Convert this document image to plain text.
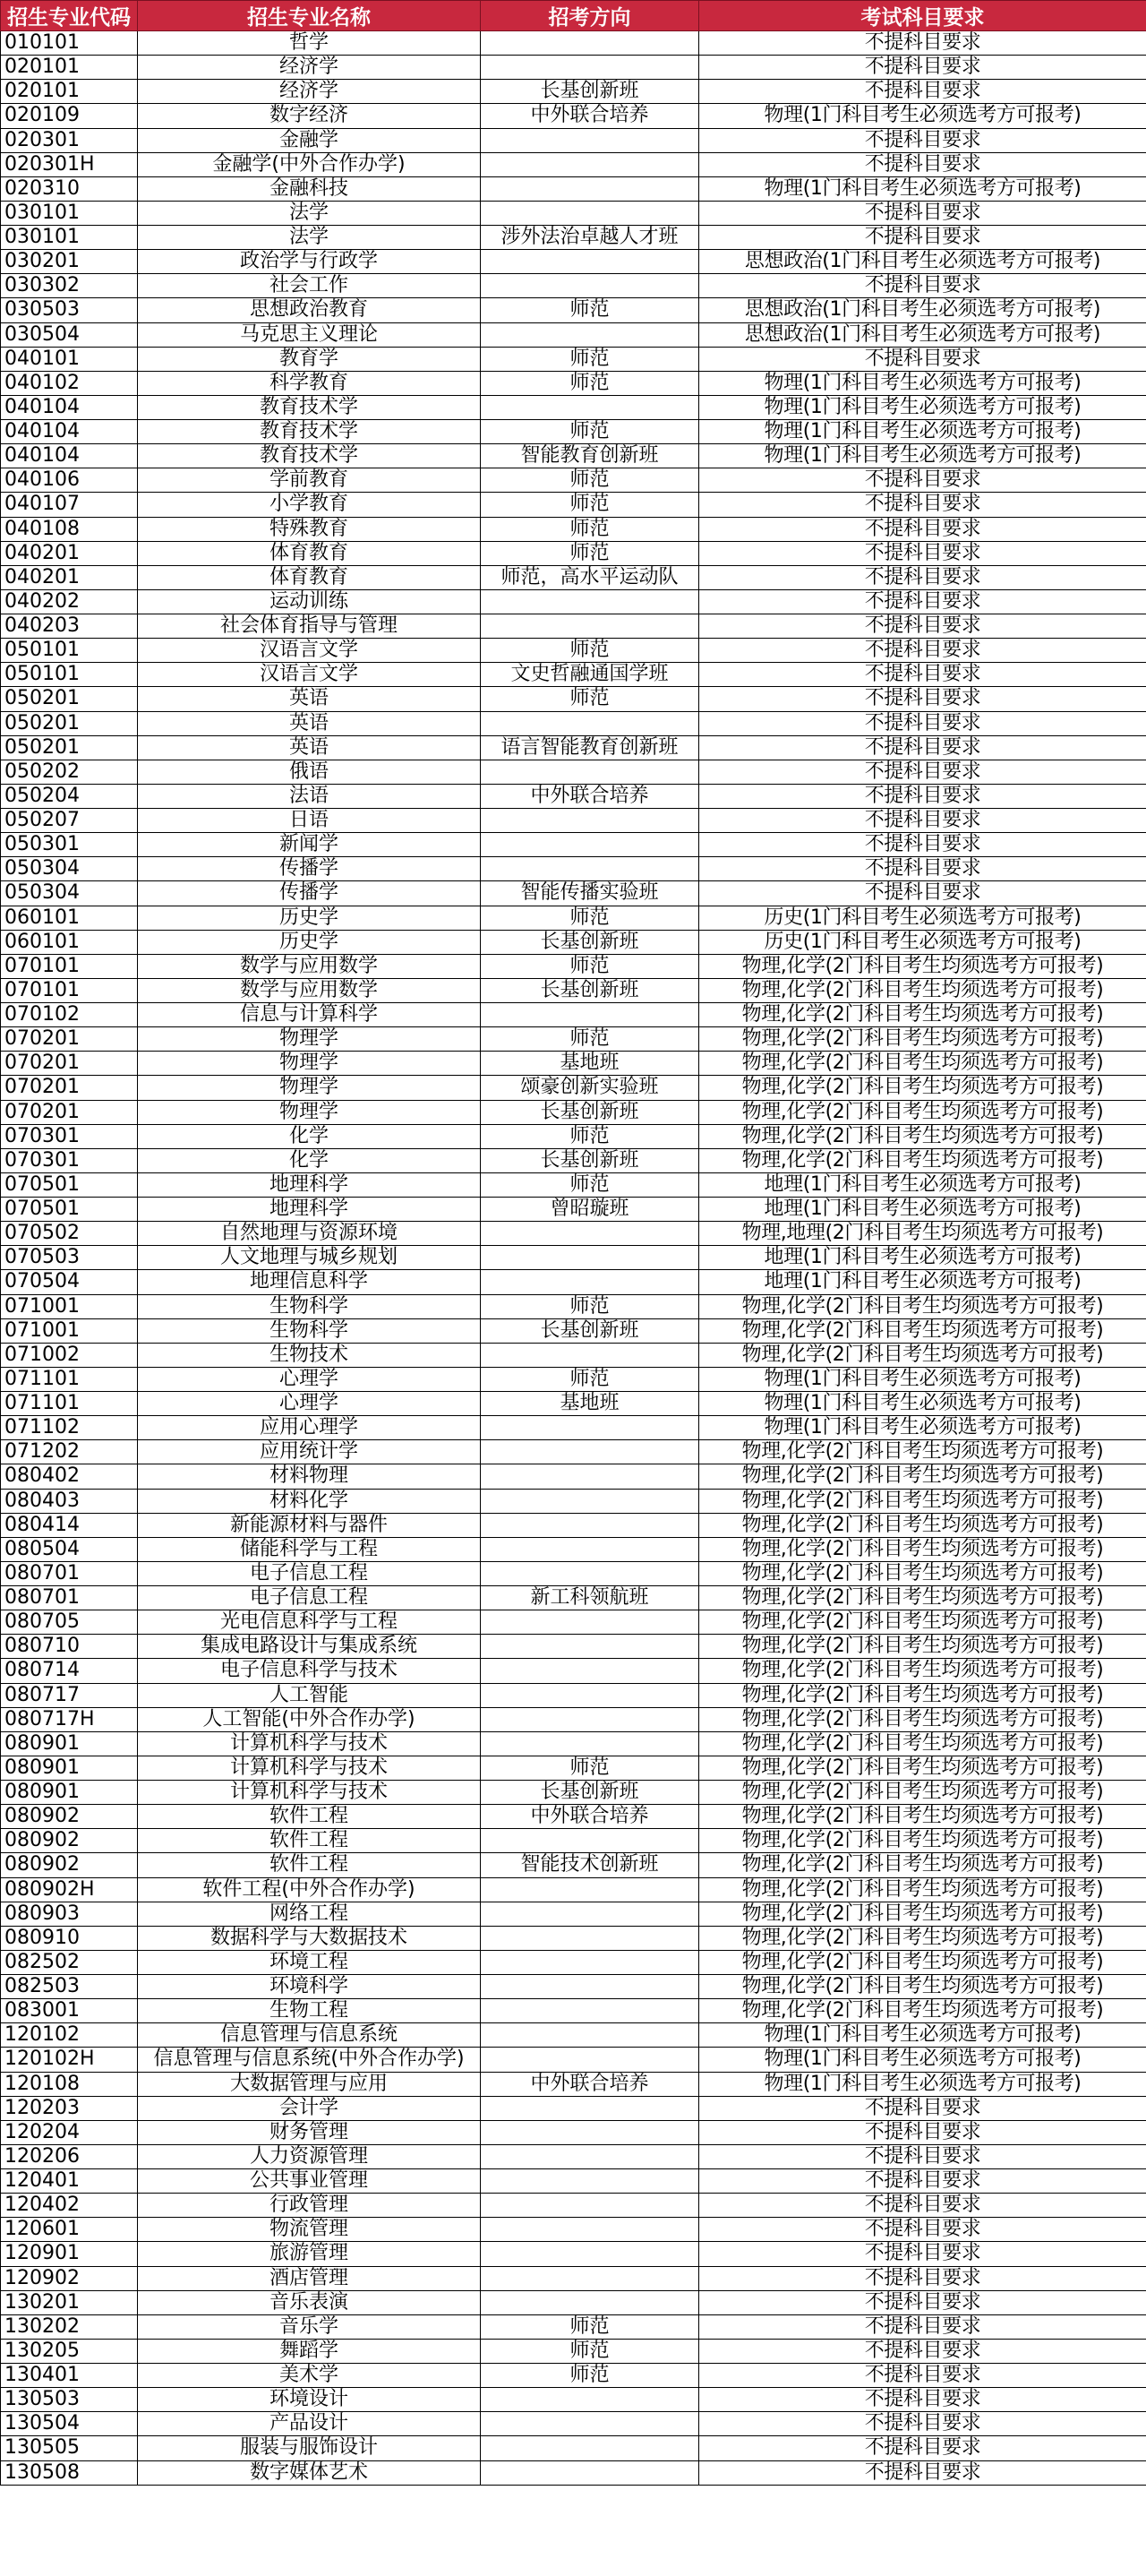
招生专业代码	招生专业名称	招考方向	考试科目要求
010101	哲学		不提科目要求
020101	经济学		不提科目要求
020101	经济学	长基创新班	不提科目要求
020109	数字经济	中外联合培养	物理(1门科目考生必须选考方可报考)
020301	金融学		不提科目要求
020301H	金融学(中外合作办学)		不提科目要求
020310	金融科技		物理(1门科目考生必须选考方可报考)
030101	法学		不提科目要求
030101	法学	涉外法治卓越人才班	不提科目要求
030201	政治学与行政学		思想政治(1门科目考生必须选考方可报考)
030302	社会工作		不提科目要求
030503	思想政治教育	师范	思想政治(1门科目考生必须选考方可报考)
030504	马克思主义理论		思想政治(1门科目考生必须选考方可报考)
040101	教育学	师范	不提科目要求
040102	科学教育	师范	物理(1门科目考生必须选考方可报考)
040104	教育技术学		物理(1门科目考生必须选考方可报考)
040104	教育技术学	师范	物理(1门科目考生必须选考方可报考)
040104	教育技术学	智能教育创新班	物理(1门科目考生必须选考方可报考)
040106	学前教育	师范	不提科目要求
040107	小学教育	师范	不提科目要求
040108	特殊教育	师范	不提科目要求
040201	体育教育	师范	不提科目要求
040201	体育教育	师范，高水平运动队	不提科目要求
040202	运动训练		不提科目要求
040203	社会体育指导与管理		不提科目要求
050101	汉语言文学	师范	不提科目要求
050101	汉语言文学	文史哲融通国学班	不提科目要求
050201	英语	师范	不提科目要求
050201	英语		不提科目要求
050201	英语	语言智能教育创新班	不提科目要求
050202	俄语		不提科目要求
050204	法语	中外联合培养	不提科目要求
050207	日语		不提科目要求
050301	新闻学		不提科目要求
050304	传播学		不提科目要求
050304	传播学	智能传播实验班	不提科目要求
060101	历史学	师范	历史(1门科目考生必须选考方可报考)
060101	历史学	长基创新班	历史(1门科目考生必须选考方可报考)
070101	数学与应用数学	师范	物理,化学(2门科目考生均须选考方可报考)
070101	数学与应用数学	长基创新班	物理,化学(2门科目考生均须选考方可报考)
070102	信息与计算科学		物理,化学(2门科目考生均须选考方可报考)
070201	物理学	师范	物理,化学(2门科目考生均须选考方可报考)
070201	物理学	基地班	物理,化学(2门科目考生均须选考方可报考)
070201	物理学	颂豪创新实验班	物理,化学(2门科目考生均须选考方可报考)
070201	物理学	长基创新班	物理,化学(2门科目考生均须选考方可报考)
070301	化学	师范	物理,化学(2门科目考生均须选考方可报考)
070301	化学	长基创新班	物理,化学(2门科目考生均须选考方可报考)
070501	地理科学	师范	地理(1门科目考生必须选考方可报考)
070501	地理科学	曾昭璇班	地理(1门科目考生必须选考方可报考)
070502	自然地理与资源环境		物理,地理(2门科目考生均须选考方可报考)
070503	人文地理与城乡规划		地理(1门科目考生必须选考方可报考)
070504	地理信息科学		地理(1门科目考生必须选考方可报考)
071001	生物科学	师范	物理,化学(2门科目考生均须选考方可报考)
071001	生物科学	长基创新班	物理,化学(2门科目考生均须选考方可报考)
071002	生物技术		物理,化学(2门科目考生均须选考方可报考)
071101	心理学	师范	物理(1门科目考生必须选考方可报考)
071101	心理学	基地班	物理(1门科目考生必须选考方可报考)
071102	应用心理学		物理(1门科目考生必须选考方可报考)
071202	应用统计学		物理,化学(2门科目考生均须选考方可报考)
080402	材料物理		物理,化学(2门科目考生均须选考方可报考)
080403	材料化学		物理,化学(2门科目考生均须选考方可报考)
080414	新能源材料与器件		物理,化学(2门科目考生均须选考方可报考)
080504	储能科学与工程		物理,化学(2门科目考生均须选考方可报考)
080701	电子信息工程		物理,化学(2门科目考生均须选考方可报考)
080701	电子信息工程	新工科领航班	物理,化学(2门科目考生均须选考方可报考)
080705	光电信息科学与工程		物理,化学(2门科目考生均须选考方可报考)
080710	集成电路设计与集成系统		物理,化学(2门科目考生均须选考方可报考)
080714	电子信息科学与技术		物理,化学(2门科目考生均须选考方可报考)
080717	人工智能		物理,化学(2门科目考生均须选考方可报考)
080717H	人工智能(中外合作办学)		物理,化学(2门科目考生均须选考方可报考)
080901	计算机科学与技术		物理,化学(2门科目考生均须选考方可报考)
080901	计算机科学与技术	师范	物理,化学(2门科目考生均须选考方可报考)
080901	计算机科学与技术	长基创新班	物理,化学(2门科目考生均须选考方可报考)
080902	软件工程	中外联合培养	物理,化学(2门科目考生均须选考方可报考)
080902	软件工程		物理,化学(2门科目考生均须选考方可报考)
080902	软件工程	智能技术创新班	物理,化学(2门科目考生均须选考方可报考)
080902H	软件工程(中外合作办学)		物理,化学(2门科目考生均须选考方可报考)
080903	网络工程		物理,化学(2门科目考生均须选考方可报考)
080910	数据科学与大数据技术		物理,化学(2门科目考生均须选考方可报考)
082502	环境工程		物理,化学(2门科目考生均须选考方可报考)
082503	环境科学		物理,化学(2门科目考生均须选考方可报考)
083001	生物工程		物理,化学(2门科目考生均须选考方可报考)
120102	信息管理与信息系统		物理(1门科目考生必须选考方可报考)
120102H	信息管理与信息系统(中外合作办学)		物理(1门科目考生必须选考方可报考)
120108	大数据管理与应用	中外联合培养	物理(1门科目考生必须选考方可报考)
120203	会计学		不提科目要求
120204	财务管理		不提科目要求
120206	人力资源管理		不提科目要求
120401	公共事业管理		不提科目要求
120402	行政管理		不提科目要求
120601	物流管理		不提科目要求
120901	旅游管理		不提科目要求
120902	酒店管理		不提科目要求
130201	音乐表演		不提科目要求
130202	音乐学	师范	不提科目要求
130205	舞蹈学	师范	不提科目要求
130401	美术学	师范	不提科目要求
130503	环境设计		不提科目要求
130504	产品设计		不提科目要求
130505	服装与服饰设计		不提科目要求
130508	数字媒体艺术		不提科目要求
